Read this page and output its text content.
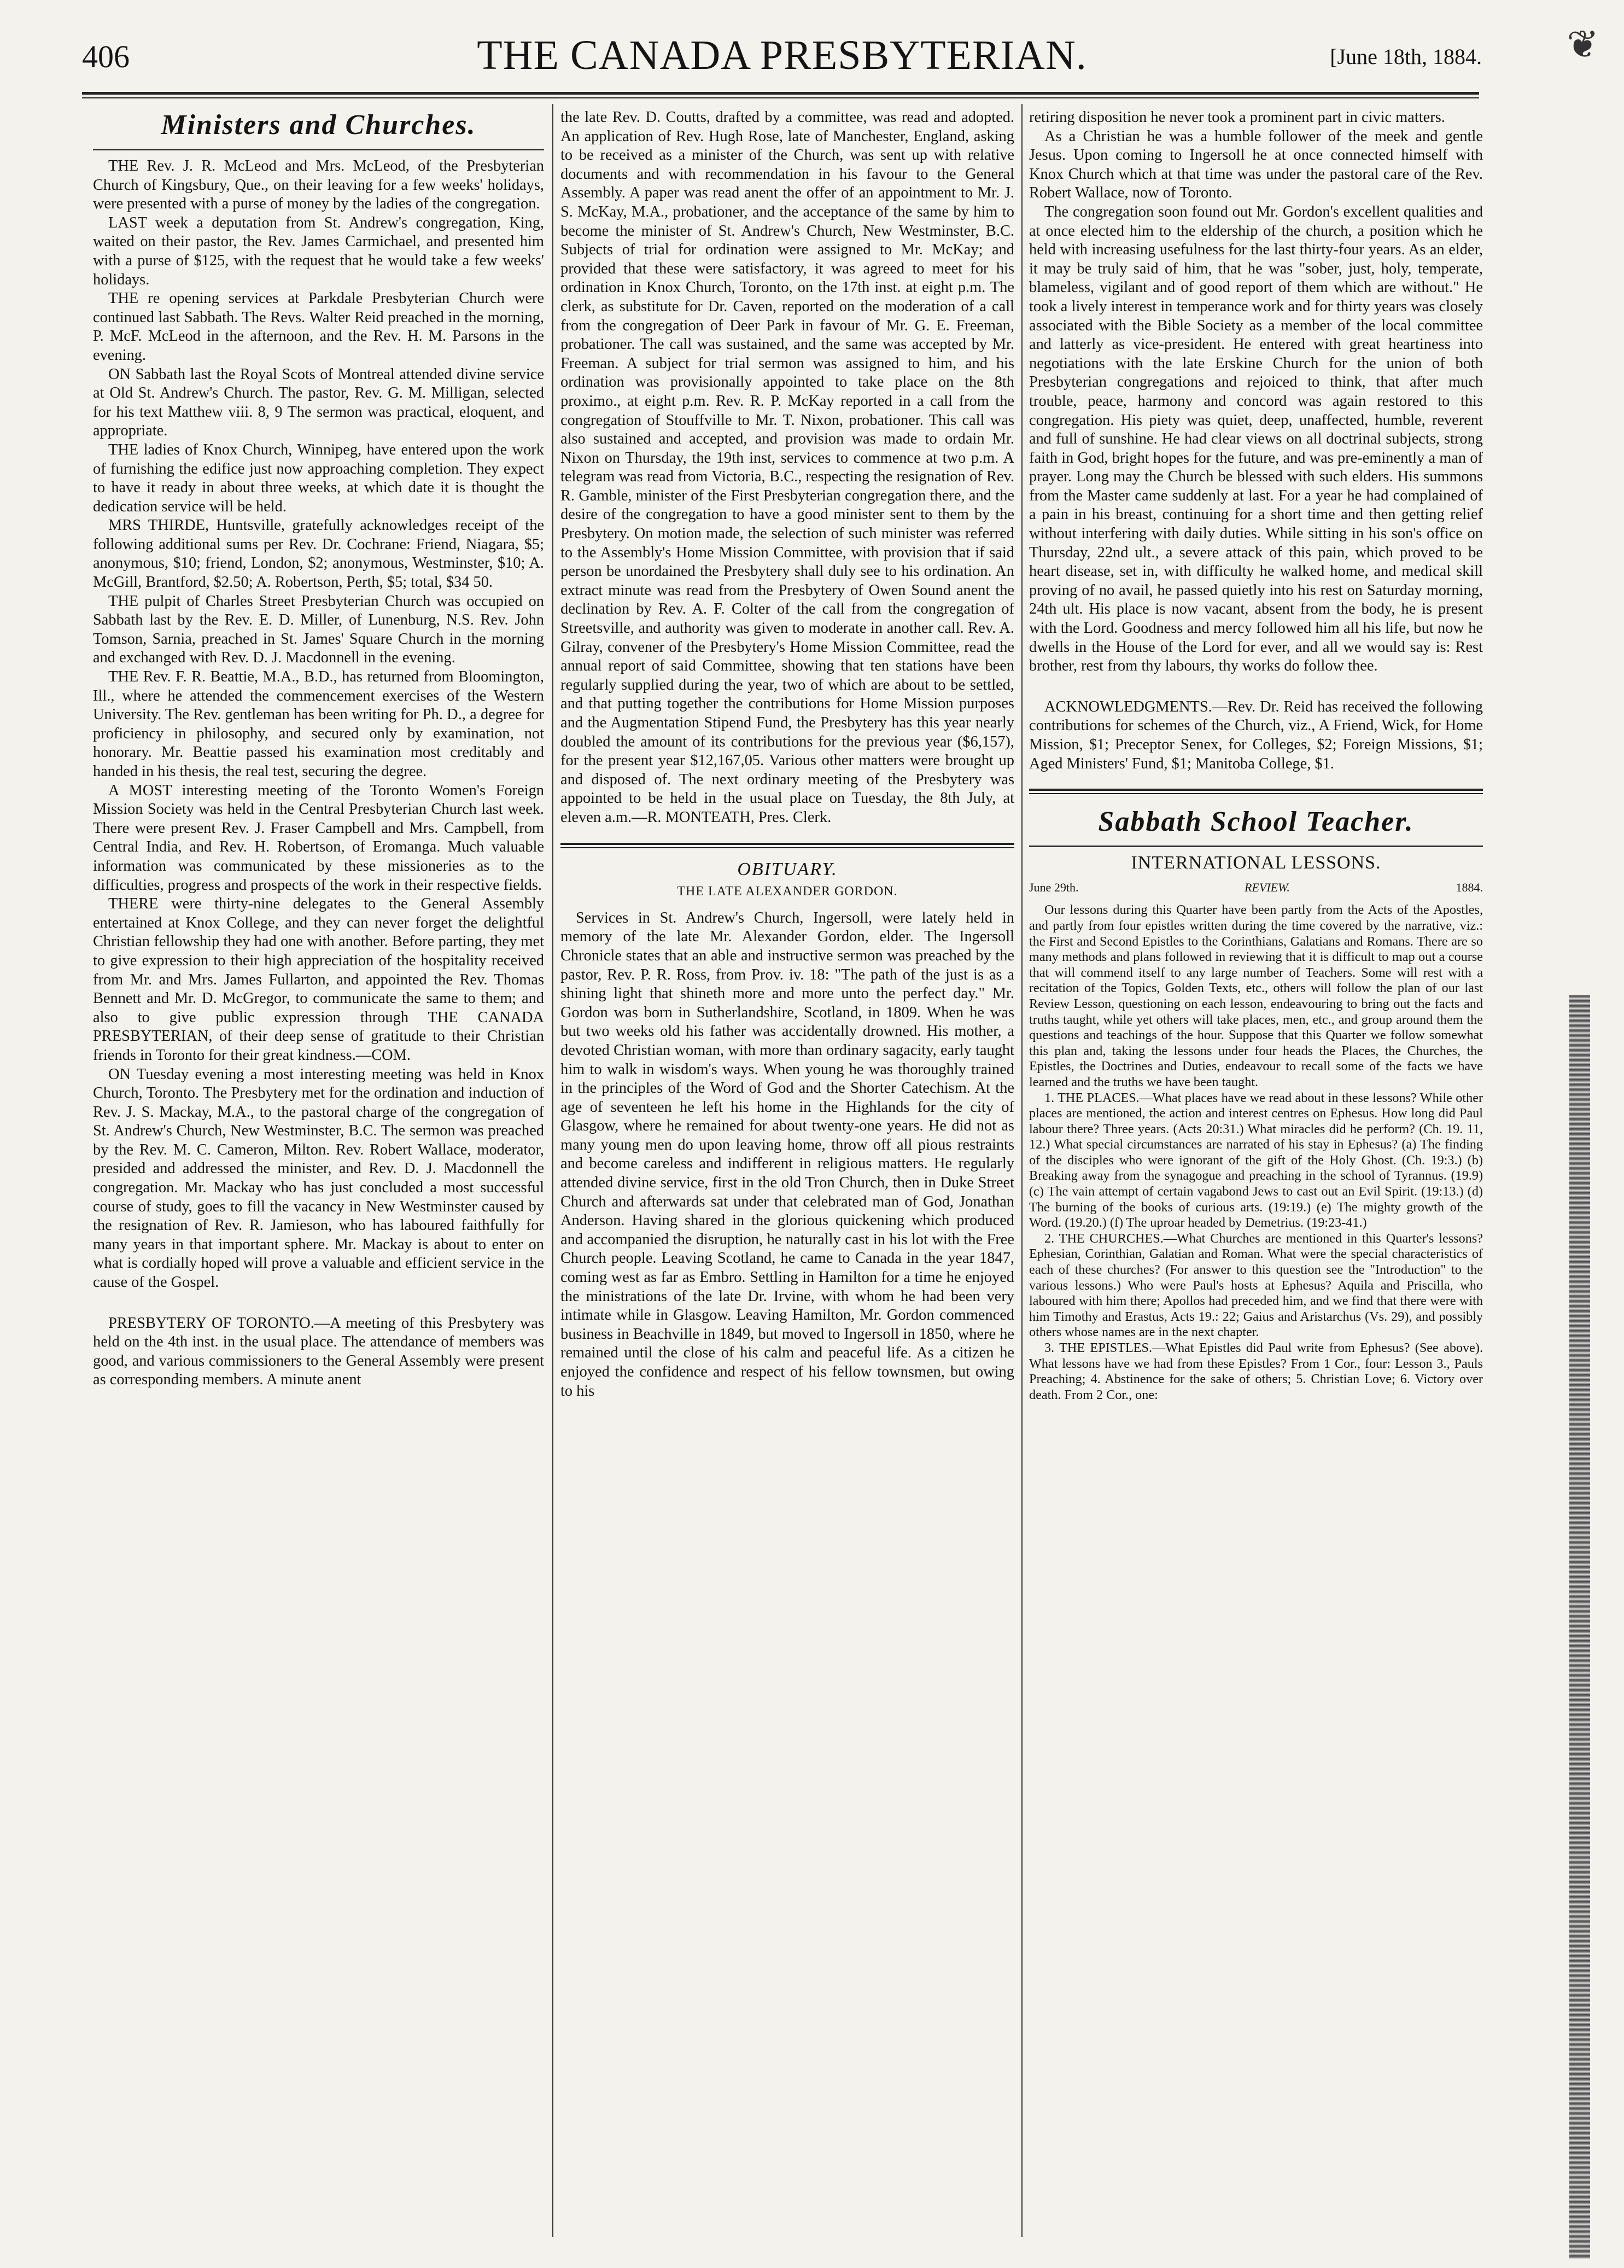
406	THE CANADA PRESBYTERIAN.	[June 18th, 1884. ❦
Ministers and Churches.

THE Rev. J. R. McLeod and Mrs. McLeod, of the Presbyterian Church of Kingsbury, Que., on their leaving for a few weeks' holidays, were presented with a purse of money by the ladies of the congregation.

LAST week a deputation from St. Andrew's congregation, King, waited on their pastor, the Rev. James Carmichael, and presented him with a purse of $125, with the request that he would take a few weeks' holidays.

THE re opening services at Parkdale Presbyterian Church were continued last Sabbath. The Revs. Walter Reid preached in the morning, P. McF. McLeod in the afternoon, and the Rev. H. M. Parsons in the evening.

ON Sabbath last the Royal Scots of Montreal attended divine service at Old St. Andrew's Church. The pastor, Rev. G. M. Milligan, selected for his text Matthew viii. 8, 9 The sermon was practical, eloquent, and appropriate.

THE ladies of Knox Church, Winnipeg, have entered upon the work of furnishing the edifice just now approaching completion. They expect to have it ready in about three weeks, at which date it is thought the dedication service will be held.

MRS THIRDE, Huntsville, gratefully acknowledges receipt of the following additional sums per Rev. Dr. Cochrane: Friend, Niagara, $5; anonymous, $10; friend, London, $2; anonymous, Westminster, $10; A. McGill, Brantford, $2.50; A. Robertson, Perth, $5; total, $34 50.

THE pulpit of Charles Street Presbyterian Church was occupied on Sabbath last by the Rev. E. D. Miller, of Lunenburg, N.S. Rev. John Tomson, Sarnia, preached in St. James' Square Church in the morning and exchanged with Rev. D. J. Macdonnell in the evening.

THE Rev. F. R. Beattie, M.A., B.D., has returned from Bloomington, Ill., where he attended the commencement exercises of the Western University. The Rev. gentleman has been writing for Ph. D., a degree for proficiency in philosophy, and secured only by examination, not honorary. Mr. Beattie passed his examination most creditably and handed in his thesis, the real test, securing the degree.

A MOST interesting meeting of the Toronto Women's Foreign Mission Society was held in the Central Presbyterian Church last week. There were present Rev. J. Fraser Campbell and Mrs. Campbell, from Central India, and Rev. H. Robertson, of Eromanga. Much valuable information was communicated by these missioneries as to the difficulties, progress and prospects of the work in their respective fields.

THERE were thirty-nine delegates to the General Assembly entertained at Knox College, and they can never forget the delightful Christian fellowship they had one with another. Before parting, they met to give expression to their high appreciation of the hospitality received from Mr. and Mrs. James Fullarton, and appointed the Rev. Thomas Bennett and Mr. D. McGregor, to communicate the same to them; and also to give public expression through THE CANADA PRESBYTERIAN, of their deep sense of gratitude to their Christian friends in Toronto for their great kindness.—COM.

ON Tuesday evening a most interesting meeting was held in Knox Church, Toronto. The Presbytery met for the ordination and induction of Rev. J. S. Mackay, M.A., to the pastoral charge of the congregation of St. Andrew's Church, New Westminster, B.C. The sermon was preached by the Rev. M. C. Cameron, Milton. Rev. Robert Wallace, moderator, presided and addressed the minister, and Rev. D. J. Macdonnell the congregation. Mr. Mackay who has just concluded a most successful course of study, goes to fill the vacancy in New Westminster caused by the resignation of Rev. R. Jamieson, who has laboured faithfully for many years in that important sphere. Mr. Mackay is about to enter on what is cordially hoped will prove a valuable and efficient service in the cause of the Gospel.

PRESBYTERY OF TORONTO.—A meeting of this Presbytery was held on the 4th inst. in the usual place. The attendance of members was good, and various commissioners to the General Assembly were present as corresponding members. A minute anent

the late Rev. D. Coutts, drafted by a committee, was read and adopted. An application of Rev. Hugh Rose, late of Manchester, England, asking to be received as a minister of the Church, was sent up with relative documents and with recommendation in his favour to the General Assembly. A paper was read anent the offer of an appointment to Mr. J. S. McKay, M.A., probationer, and the acceptance of the same by him to become the minister of St. Andrew's Church, New Westminster, B.C. Subjects of trial for ordination were assigned to Mr. McKay; and provided that these were satisfactory, it was agreed to meet for his ordination in Knox Church, Toronto, on the 17th inst. at eight p.m. The clerk, as substitute for Dr. Caven, reported on the moderation of a call from the congregation of Deer Park in favour of Mr. G. E. Freeman, probationer. The call was sustained, and the same was accepted by Mr. Freeman. A subject for trial sermon was assigned to him, and his ordination was provisionally appointed to take place on the 8th proximo., at eight p.m. Rev. R. P. McKay reported in a call from the congregation of Stouffville to Mr. T. Nixon, probationer. This call was also sustained and accepted, and provision was made to ordain Mr. Nixon on Thursday, the 19th inst, services to commence at two p.m. A telegram was read from Victoria, B.C., respecting the resignation of Rev. R. Gamble, minister of the First Presbyterian congregation there, and the desire of the congregation to have a good minister sent to them by the Presbytery. On motion made, the selection of such minister was referred to the Assembly's Home Mission Committee, with provision that if said person be unordained the Presbytery shall duly see to his ordination. An extract minute was read from the Presbytery of Owen Sound anent the declination by Rev. A. F. Colter of the call from the congregation of Streetsville, and authority was given to moderate in another call. Rev. A. Gilray, convener of the Presbytery's Home Mission Committee, read the annual report of said Committee, showing that ten stations have been regularly supplied during the year, two of which are about to be settled, and that putting together the contributions for Home Mission purposes and the Augmentation Stipend Fund, the Presbytery has this year nearly doubled the amount of its contributions for the previous year ($6,157), for the present year $12,167,05. Various other matters were brought up and disposed of. The next ordinary meeting of the Presbytery was appointed to be held in the usual place on Tuesday, the 8th July, at eleven a.m.—R. MONTEATH, Pres. Clerk.

OBITUARY.
THE LATE ALEXANDER GORDON.

Services in St. Andrew's Church, Ingersoll, were lately held in memory of the late Mr. Alexander Gordon, elder. The Ingersoll Chronicle states that an able and instructive sermon was preached by the pastor, Rev. P. R. Ross, from Prov. iv. 18: "The path of the just is as a shining light that shineth more and more unto the perfect day." Mr. Gordon was born in Sutherlandshire, Scotland, in 1809. When he was but two weeks old his father was accidentally drowned. His mother, a devoted Christian woman, with more than ordinary sagacity, early taught him to walk in wisdom's ways. When young he was thoroughly trained in the principles of the Word of God and the Shorter Catechism. At the age of seventeen he left his home in the Highlands for the city of Glasgow, where he remained for about twenty-one years. He did not as many young men do upon leaving home, throw off all pious restraints and become careless and indifferent in religious matters. He regularly attended divine service, first in the old Tron Church, then in Duke Street Church and afterwards sat under that celebrated man of God, Jonathan Anderson. Having shared in the glorious quickening which produced and accompanied the disruption, he naturally cast in his lot with the Free Church people. Leaving Scotland, he came to Canada in the year 1847, coming west as far as Embro. Settling in Hamilton for a time he enjoyed the ministrations of the late Dr. Irvine, with whom he had been very intimate while in Glasgow. Leaving Hamilton, Mr. Gordon commenced business in Beachville in 1849, but moved to Ingersoll in 1850, where he remained until the close of his calm and peaceful life. As a citizen he enjoyed the confidence and respect of his fellow townsmen, but owing to his

retiring disposition he never took a prominent part in civic matters.

As a Christian he was a humble follower of the meek and gentle Jesus. Upon coming to Ingersoll he at once connected himself with Knox Church which at that time was under the pastoral care of the Rev. Robert Wallace, now of Toronto.

The congregation soon found out Mr. Gordon's excellent qualities and at once elected him to the eldership of the church, a position which he held with increasing usefulness for the last thirty-four years. As an elder, it may be truly said of him, that he was "sober, just, holy, temperate, blameless, vigilant and of good report of them which are without." He took a lively interest in temperance work and for thirty years was closely associated with the Bible Society as a member of the local committee and latterly as vice-president. He entered with great heartiness into negotiations with the late Erskine Church for the union of both Presbyterian congregations and rejoiced to think, that after much trouble, peace, harmony and concord was again restored to this congregation. His piety was quiet, deep, unaffected, humble, reverent and full of sunshine. He had clear views on all doctrinal subjects, strong faith in God, bright hopes for the future, and was pre-eminently a man of prayer. Long may the Church be blessed with such elders. His summons from the Master came suddenly at last. For a year he had complained of a pain in his breast, continuing for a short time and then getting relief without interfering with daily duties. While sitting in his son's office on Thursday, 22nd ult., a severe attack of this pain, which proved to be heart disease, set in, with difficulty he walked home, and medical skill proving of no avail, he passed quietly into his rest on Saturday morning, 24th ult. His place is now vacant, absent from the body, he is present with the Lord. Goodness and mercy followed him all his life, but now he dwells in the House of the Lord for ever, and all we would say is: Rest brother, rest from thy labours, thy works do follow thee.

ACKNOWLEDGMENTS.—Rev. Dr. Reid has received the following contributions for schemes of the Church, viz., A Friend, Wick, for Home Mission, $1; Preceptor Senex, for Colleges, $2; Foreign Missions, $1; Aged Ministers' Fund, $1; Manitoba College, $1.

Sabbath School Teacher.
INTERNATIONAL LESSONS.
June 29th.	REVIEW.	1884.

Our lessons during this Quarter have been partly from the Acts of the Apostles, and partly from four epistles written during the time covered by the narrative, viz.: the First and Second Epistles to the Corinthians, Galatians and Romans. There are so many methods and plans followed in reviewing that it is difficult to map out a course that will commend itself to any large number of Teachers. Some will rest with a recitation of the Topics, Golden Texts, etc., others will follow the plan of our last Review Lesson, questioning on each lesson, endeavouring to bring out the facts and truths taught, while yet others will take places, men, etc., and group around them the questions and teachings of the hour. Suppose that this Quarter we follow somewhat this plan and, taking the lessons under four heads the Places, the Churches, the Epistles, the Doctrines and Duties, endeavour to recall some of the facts we have learned and the truths we have been taught.

1. THE PLACES.—What places have we read about in these lessons? While other places are mentioned, the action and interest centres on Ephesus. How long did Paul labour there? Three years. (Acts 20:31.) What miracles did he perform? (Ch. 19. 11, 12.) What special circumstances are narrated of his stay in Ephesus? (a) The finding of the disciples who were ignorant of the gift of the Holy Ghost. (Ch. 19:3.) (b) Breaking away from the synagogue and preaching in the school of Tyrannus. (19.9) (c) The vain attempt of certain vagabond Jews to cast out an Evil Spirit. (19:13.) (d) The burning of the books of curious arts. (19:19.) (e) The mighty growth of the Word. (19.20.) (f) The uproar headed by Demetrius. (19:23-41.)

2. THE CHURCHES.—What Churches are mentioned in this Quarter's lessons? Ephesian, Corinthian, Galatian and Roman. What were the special characteristics of each of these churches? (For answer to this question see the "Introduction" to the various lessons.) Who were Paul's hosts at Ephesus? Aquila and Priscilla, who laboured with him there; Apollos had preceded him, and we find that there were with him Timothy and Erastus, Acts 19.: 22; Gaius and Aristarchus (Vs. 29), and possibly others whose names are in the next chapter.

3. THE EPISTLES.—What Epistles did Paul write from Ephesus? (See above). What lessons have we had from these Epistles? From 1 Cor., four: Lesson 3., Pauls Preaching; 4. Abstinence for the sake of others; 5. Christian Love; 6. Victory over death. From 2 Cor., one:
